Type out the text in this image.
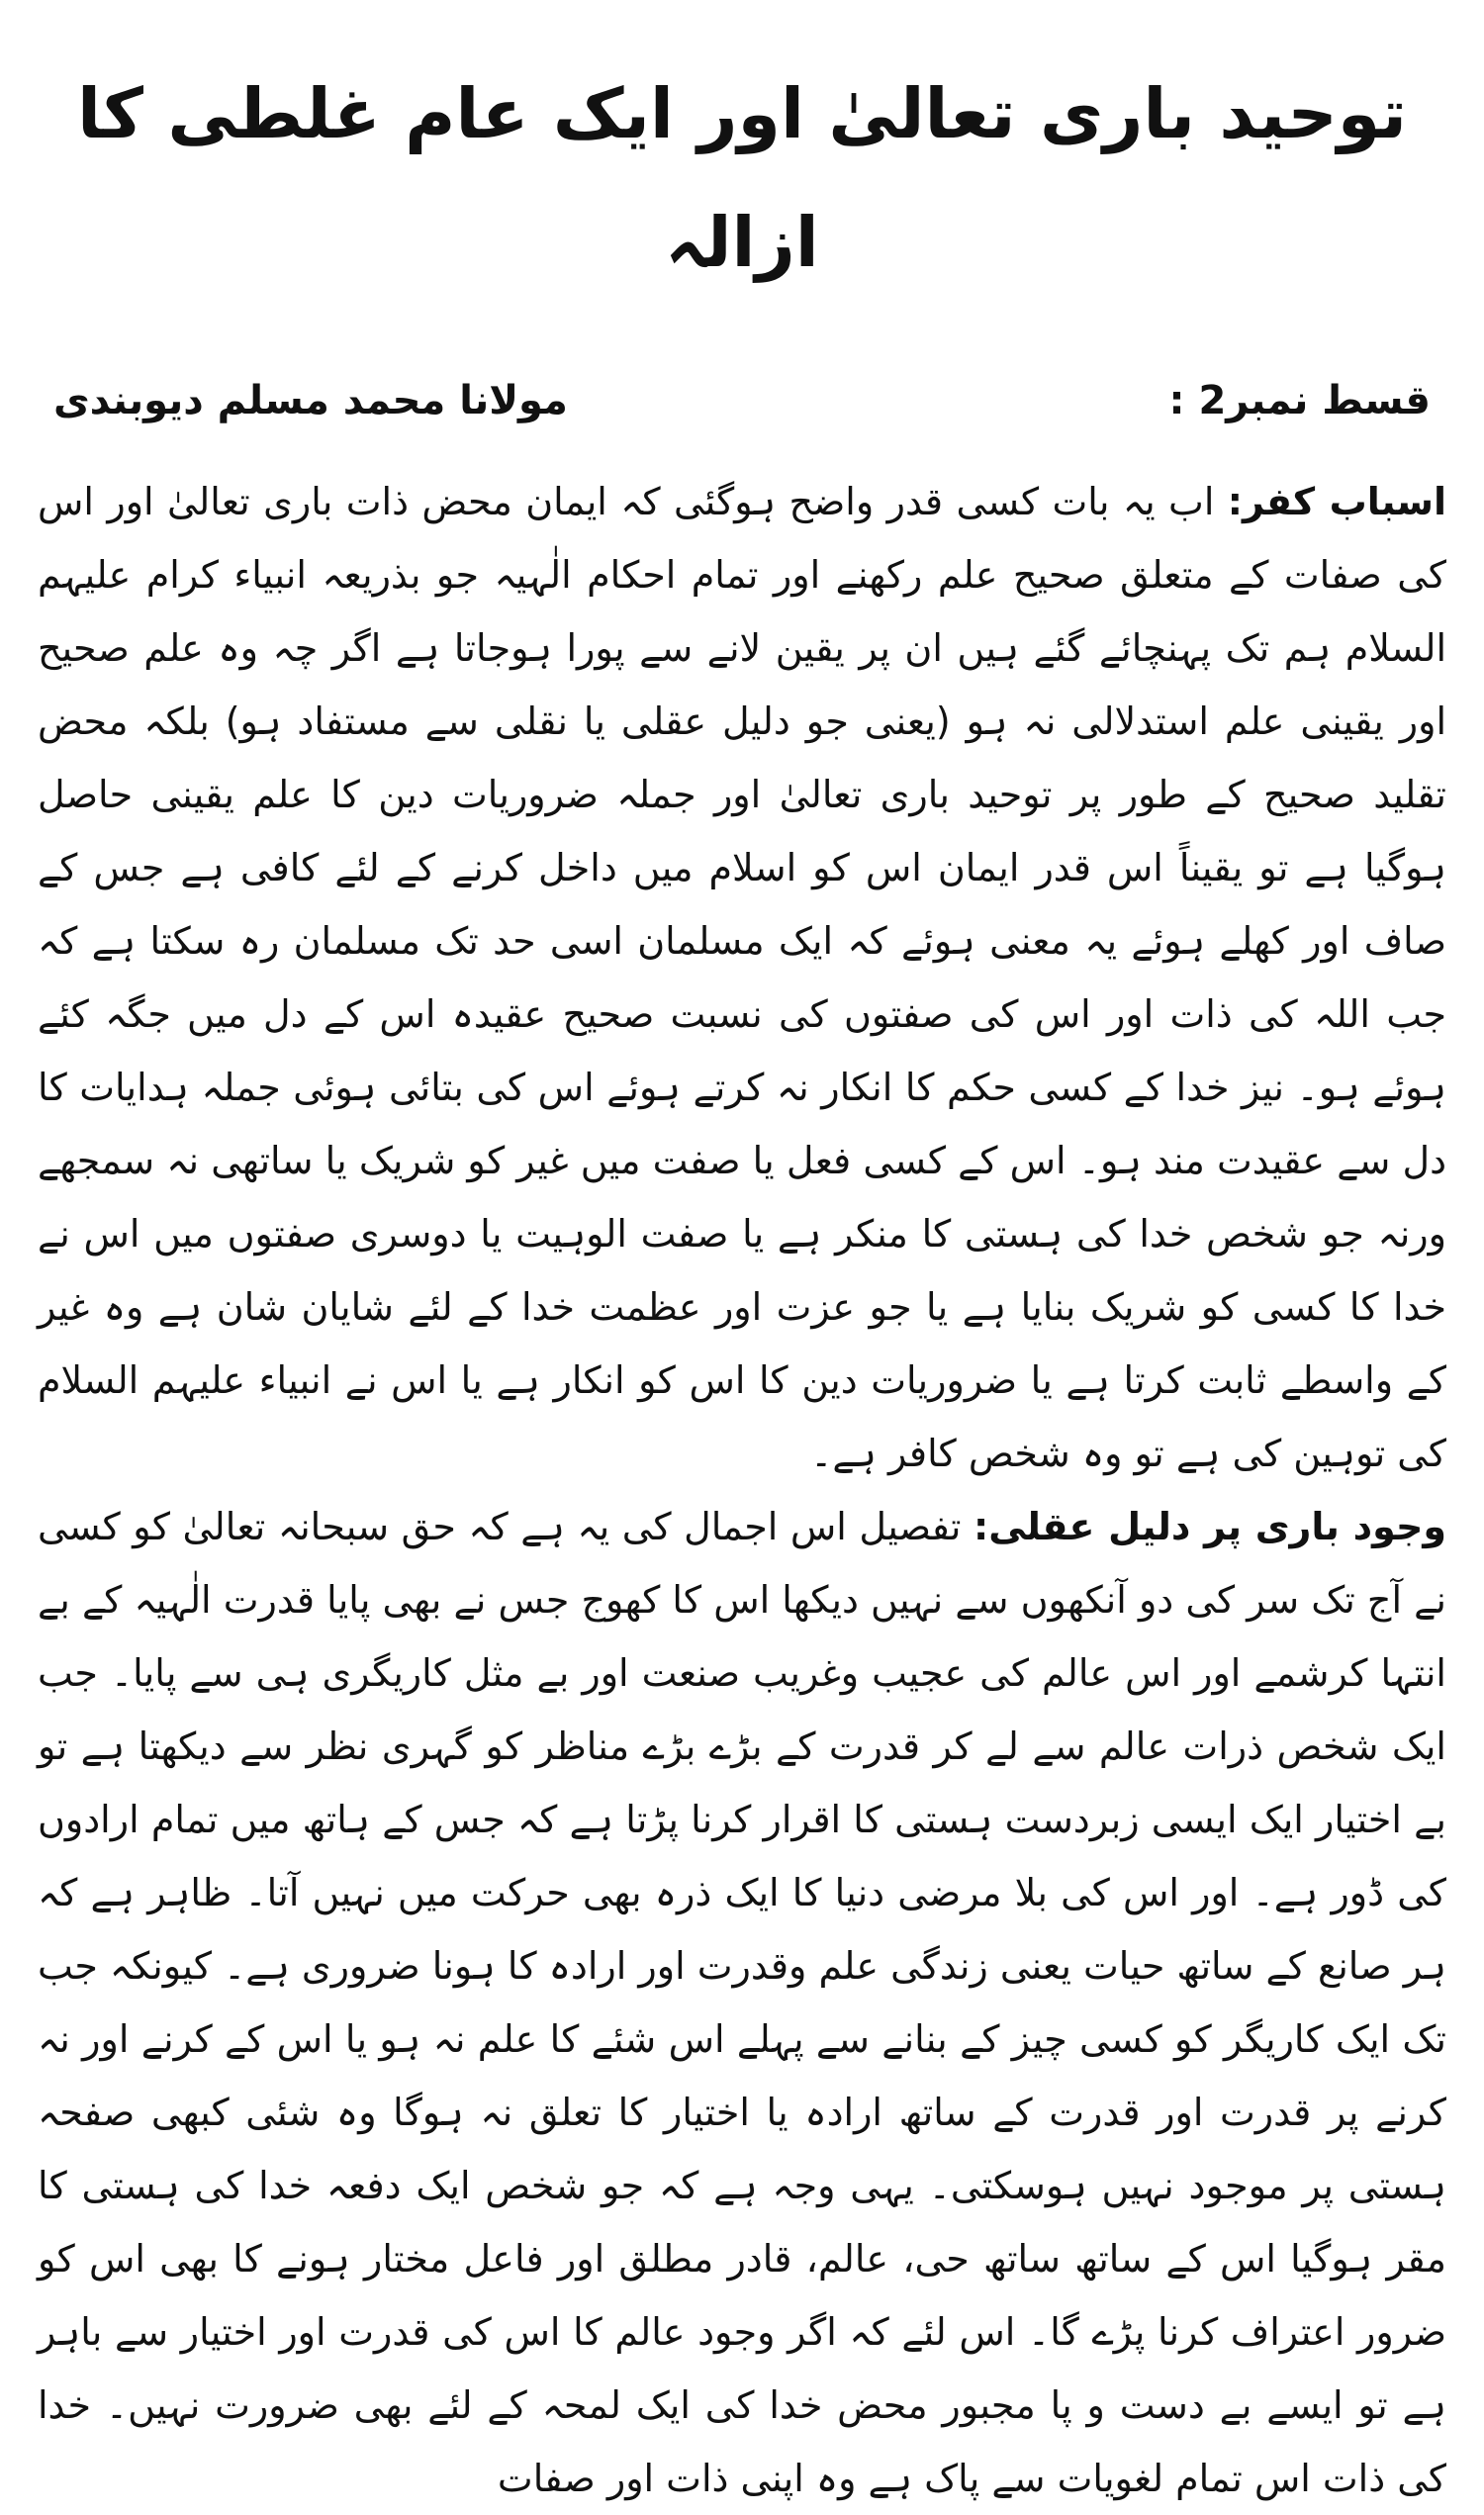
توحید باری تعالیٰ اور ایک عام غلطی کا ازالہ
قسط نمبر2 :
مولانا محمد مسلم دیوبندی

اسباب کفر: اب یہ بات کسی قدر واضح ہوگئی کہ ایمان محض ذات باری تعالیٰ اور اس کی صفات کے متعلق صحیح علم رکھنے اور تمام احکام الٰہیہ جو بذریعہ انبیاء کرام علیہم السلام ہم تک پہنچائے گئے ہیں ان پر یقین لانے سے پورا ہوجاتا ہے اگر چہ وہ علم صحیح اور یقینی علم استدلالی نہ ہو (یعنی جو دلیل عقلی یا نقلی سے مستفاد ہو) بلکہ محض تقلید صحیح کے طور پر توحید باری تعالیٰ اور جملہ ضروریات دین کا علم یقینی حاصل ہوگیا ہے تو یقیناً اس قدر ایمان اس کو اسلام میں داخل کرنے کے لئے کافی ہے جس کے صاف اور کھلے ہوئے یہ معنی ہوئے کہ ایک مسلمان اسی حد تک مسلمان رہ سکتا ہے کہ جب اللہ کی ذات اور اس کی صفتوں کی نسبت صحیح عقیدہ اس کے دل میں جگہ کئے ہوئے ہو۔ نیز خدا کے کسی حکم کا انکار نہ کرتے ہوئے اس کی بتائی ہوئی جملہ ہدایات کا دل سے عقیدت مند ہو۔ اس کے کسی فعل یا صفت میں غیر کو شریک یا ساتھی نہ سمجھے ورنہ جو شخص خدا کی ہستی کا منکر ہے یا صفت الوہیت یا دوسری صفتوں میں اس نے خدا کا کسی کو شریک بنایا ہے یا جو عزت اور عظمت خدا کے لئے شایان شان ہے وہ غیر کے واسطے ثابت کرتا ہے یا ضروریات دین کا اس کو انکار ہے یا اس نے انبیاء علیہم السلام کی توہین کی ہے تو وہ شخص کافر ہے۔

وجود باری پر دلیل عقلی: تفصیل اس اجمال کی یہ ہے کہ حق سبحانہ تعالیٰ کو کسی نے آج تک سر کی دو آنکھوں سے نہیں دیکھا اس کا کھوج جس نے بھی پایا قدرت الٰہیہ کے بے انتہا کرشمے اور اس عالم کی عجیب وغریب صنعت اور بے مثل کاریگری ہی سے پایا۔ جب ایک شخص ذرات عالم سے لے کر قدرت کے بڑے بڑے مناظر کو گہری نظر سے دیکھتا ہے تو بے اختیار ایک ایسی زبردست ہستی کا اقرار کرنا پڑتا ہے کہ جس کے ہاتھ میں تمام ارادوں کی ڈور ہے۔ اور اس کی بلا مرضی دنیا کا ایک ذرہ بھی حرکت میں نہیں آتا۔ ظاہر ہے کہ ہر صانع کے ساتھ حیات یعنی زندگی علم وقدرت اور ارادہ کا ہونا ضروری ہے۔ کیونکہ جب تک ایک کاریگر کو کسی چیز کے بنانے سے پہلے اس شئے کا علم نہ ہو یا اس کے کرنے اور نہ کرنے پر قدرت اور قدرت کے ساتھ ارادہ یا اختیار کا تعلق نہ ہوگا وہ شئی کبھی صفحہ ہستی پر موجود نہیں ہوسکتی۔ یہی وجہ ہے کہ جو شخص ایک دفعہ خدا کی ہستی کا مقر ہوگیا اس کے ساتھ ساتھ حی، عالم، قادر مطلق اور فاعل مختار ہونے کا بھی اس کو ضرور اعتراف کرنا پڑے گا۔ اس لئے کہ اگر وجود عالم کا اس کی قدرت اور اختیار سے باہر ہے تو ایسے بے دست و پا مجبور محض خدا کی ایک لمحہ کے لئے بھی ضرورت نہیں۔ خدا کی ذات اس تمام لغویات سے پاک ہے وہ اپنی ذات اور صفات
